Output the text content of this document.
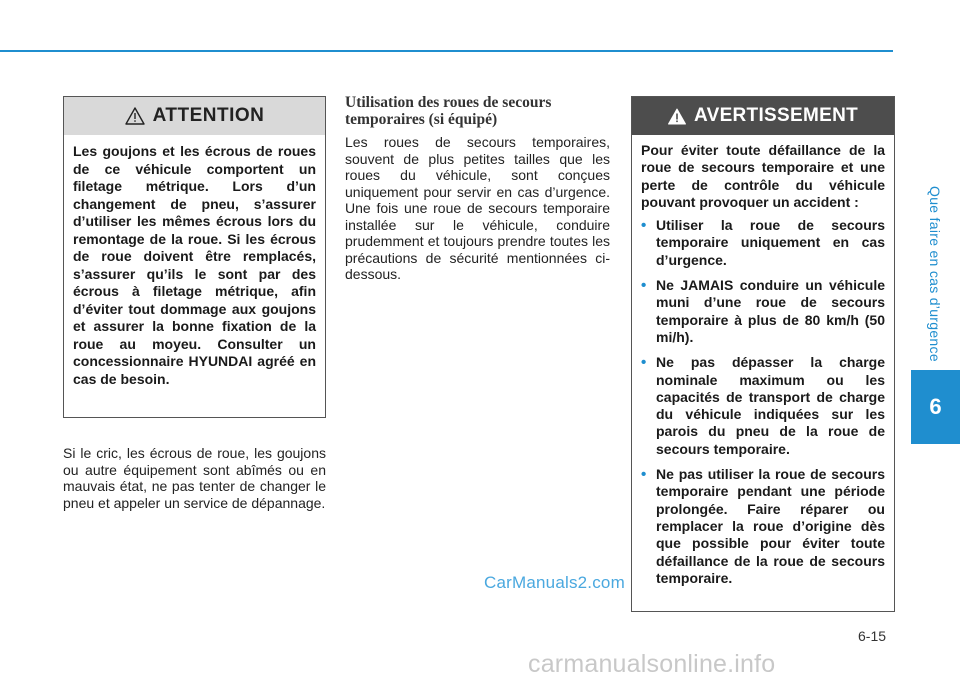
Que faire en cas d’urgence
6
ATTENTION
Les goujons et les écrous de roues de ce véhicule comportent un filetage métrique. Lors d’un changement de pneu, s’assurer d’utiliser les mêmes écrous lors du remontage de la roue. Si les écrous de roue doivent être remplacés, s’assurer qu’ils le sont par des écrous à filetage métrique, afin d’éviter tout dommage aux goujons et assurer la bonne fixation de la roue au moyeu. Consulter un concessionnaire HYUNDAI agréé en cas de besoin.
Si le cric, les écrous de roue, les goujons ou autre équipement sont abîmés ou en mauvais état, ne pas tenter de changer le pneu et appeler un service de dépannage.
Utilisation des roues de secours
temporaires (si équipé)
Les roues de secours temporaires, souvent de plus petites tailles que les roues du véhicule, sont conçues uniquement pour servir en cas d’urgence. Une fois une roue de secours temporaire installée sur le véhicule, conduire prudemment et toujours prendre toutes les précautions de sécurité mentionnées ci-dessous.
AVERTISSEMENT
Pour éviter toute défaillance de la roue de secours temporaire et une perte de contrôle du véhicule pouvant provoquer un accident :
• Utiliser la roue de secours temporaire uniquement en cas d’urgence.
• Ne JAMAIS conduire un véhicule muni d’une roue de secours temporaire à plus de 80 km/h (50 mi/h).
• Ne pas dépasser la charge nominale maximum ou les capacités de transport de charge du véhicule indiquées sur les parois du pneu de la roue de secours temporaire.
• Ne pas utiliser la roue de secours temporaire pendant une période prolongée. Faire réparer ou remplacer la roue d’origine dès que possible pour éviter toute défaillance de la roue de secours temporaire.
CarManuals2.com
6-15
carmanualsonline.info
